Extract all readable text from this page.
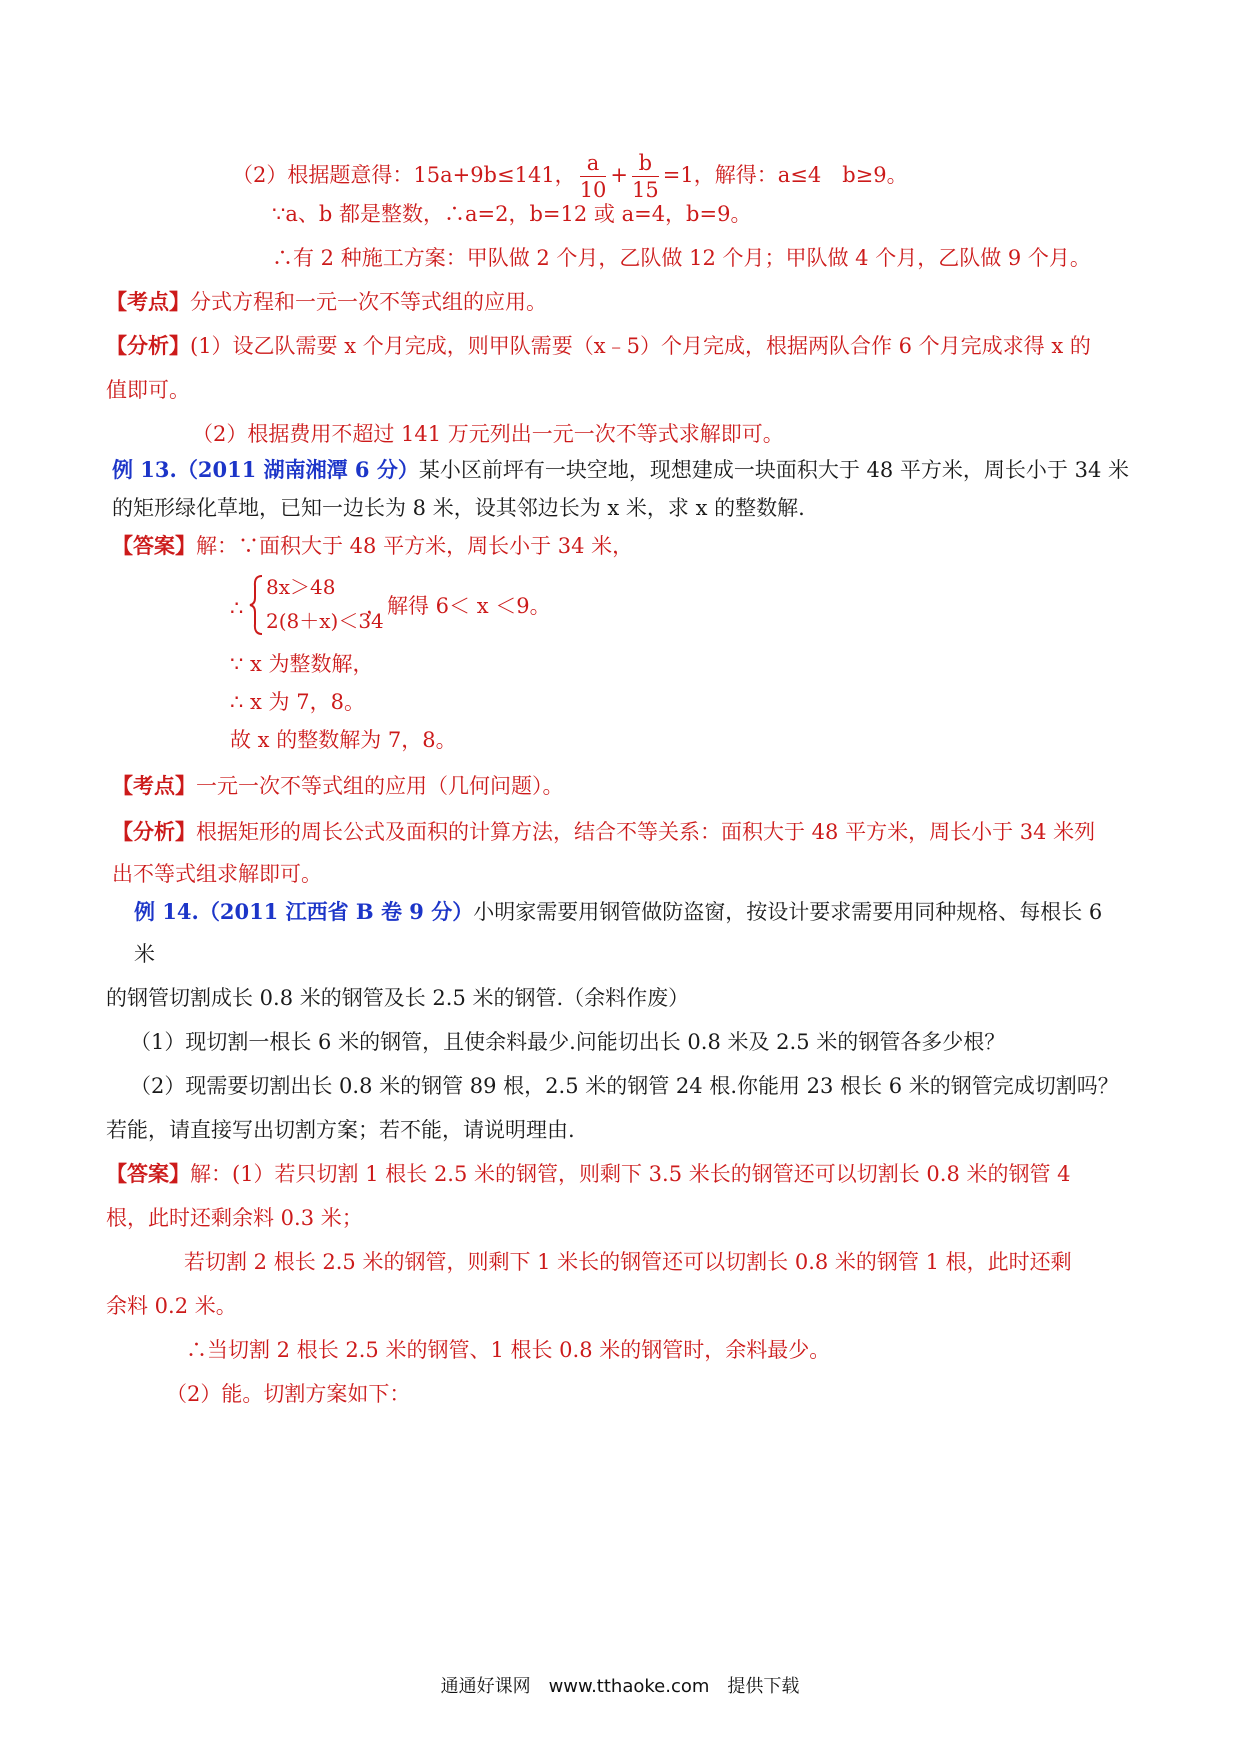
（2）根据题意得：15a+9b≤141， $\frac{a}{10} + \frac{b}{15} =1$，解得：a≤4　b≥9。
∵a、b 都是整数，∴a=2，b=12 或 a=4，b=9。
∴有 2 种施工方案：甲队做 2 个月，乙队做 12 个月；甲队做 4 个月，乙队做 9 个月。
【考点】分式方程和一元一次不等式组的应用。
【分析】(1）设乙队需要 x 个月完成，则甲队需要（x﹣5）个月完成，根据两队合作 6 个月完成求得 x 的
值即可。
（2）根据费用不超过 141 万元列出一元一次不等式求解即可。
例 13.（2011 湖南湘潭 6 分）某小区前坪有一块空地，现想建成一块面积大于 48 平方米，周长小于 34 米
的矩形绿化草地，已知一边长为 8 米，设其邻边长为 x 米，求 x 的整数解.
【答案】解：∵面积大于 48 平方米，周长小于 34 米，
∴
8x＞48
2(8＋x)＜34
，解得 6＜ x ＜9。
∵ x 为整数解，
∴ x 为 7，8。
故 x 的整数解为 7，8。
【考点】一元一次不等式组的应用（几何问题）。
【分析】根据矩形的周长公式及面积的计算方法，结合不等关系：面积大于 48 平方米，周长小于 34 米列
出不等式组求解即可。
例 14.（2011 江西省 B 卷 9 分）小明家需要用钢管做防盗窗，按设计要求需要用同种规格、每根长 6
米
的钢管切割成长 0.8 米的钢管及长 2.5 米的钢管.（余料作废）
（1）现切割一根长 6 米的钢管，且使余料最少.问能切出长 0.8 米及 2.5 米的钢管各多少根？
（2）现需要切割出长 0.8 米的钢管 89 根，2.5 米的钢管 24 根.你能用 23 根长 6 米的钢管完成切割吗？
若能，请直接写出切割方案；若不能，请说明理由.
【答案】解：(1）若只切割 1 根长 2.5 米的钢管，则剩下 3.5 米长的钢管还可以切割长 0.8 米的钢管 4
根，此时还剩余料 0.3 米；
若切割 2 根长 2.5 米的钢管，则剩下 1 米长的钢管还可以切割长 0.8 米的钢管 1 根，此时还剩
余料 0.2 米。
∴当切割 2 根长 2.5 米的钢管、1 根长 0.8 米的钢管时，余料最少。
（2）能。切割方案如下：
通通好课网　www.tthaoke.com　提供下载
